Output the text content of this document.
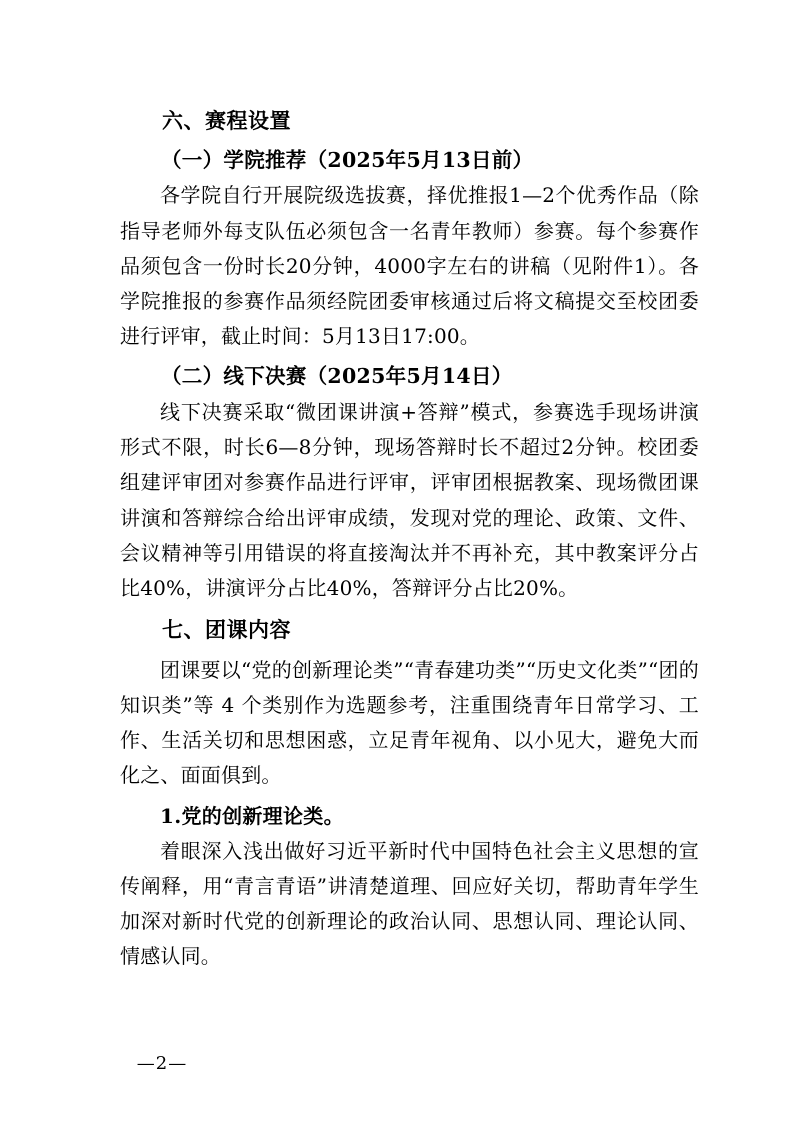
六、赛程设置
（一）学院推荐（2025年5月13日前）

各学院自行开展院级选拔赛，择优推报1—2个优秀作品（除指导老师外每支队伍必须包含一名青年教师）参赛。每个参赛作品须包含一份时长20分钟，4000字左右的讲稿（见附件1）。各学院推报的参赛作品须经院团委审核通过后将文稿提交至校团委进行评审，截止时间：5月13日17:00。

（二）线下决赛（2025年5月14日）

线下决赛采取“微团课讲演+答辩”模式，参赛选手现场讲演形式不限，时长6—8分钟，现场答辩时长不超过2分钟。校团委组建评审团对参赛作品进行评审，评审团根据教案、现场微团课讲演和答辩综合给出评审成绩，发现对党的理论、政策、文件、会议精神等引用错误的将直接淘汰并不再补充，其中教案评分占比40%，讲演评分占比40%，答辩评分占比20%。

七、团课内容

团课要以“党的创新理论类”“青春建功类”“历史文化类”“团的知识类”等 4 个类别作为选题参考，注重围绕青年日常学习、工作、生活关切和思想困惑，立足青年视角、以小见大，避免大而化之、面面俱到。

1.党的创新理论类。

着眼深入浅出做好习近平新时代中国特色社会主义思想的宣传阐释，用“青言青语”讲清楚道理、回应好关切，帮助青年学生加深对新时代党的创新理论的政治认同、思想认同、理论认同、情感认同。

—2—
